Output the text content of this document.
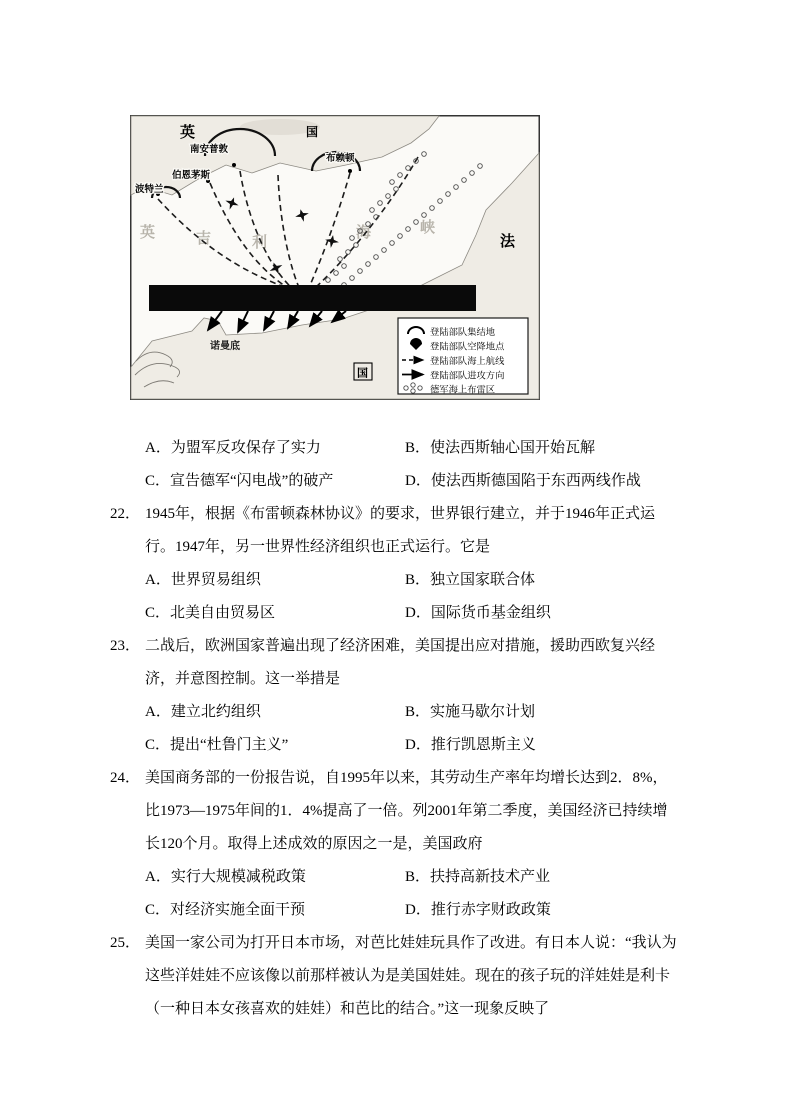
英	吉	利
海	峡
英	国
法
南安普敦
布赖顿
伯恩茅斯
波特兰
诺曼底
国
登陆部队集结地
登陆部队空降地点
登陆部队海上航线
登陆部队进攻方向
德军海上布雷区
A．为盟军反攻保存了实力	B．使法西斯轴心国开始瓦解
C．宣告德军“闪电战”的破产	D．使法西斯德国陷于东西两线作战

22． 1945年，根据《布雷顿森林协议》的要求，世界银行建立，并于1946年正式运行。1947年，另一世界性经济组织也正式运行。它是

A．世界贸易组织	B．独立国家联合体
C．北美自由贸易区	D．国际货币基金组织

23． 二战后，欧洲国家普遍出现了经济困难，美国提出应对措施，援助西欧复兴经济，并意图控制。这一举措是

A．建立北约组织	B．实施马歇尔计划
C．提出“杜鲁门主义”	D．推行凯恩斯主义

24． 美国商务部的一份报告说，自1995年以来，其劳动生产率年均增长达到2．8%，比1973—1975年间的1．4%提高了一倍。列2001年第二季度，美国经济已持续增长120个月。取得上述成效的原因之一是，美国政府

A．实行大规模减税政策	B．扶持高新技术产业
C．对经济实施全面干预	D．推行赤字财政政策

25． 美国一家公司为打开日本市场，对芭比娃娃玩具作了改进。有日本人说：“我认为这些洋娃娃不应该像以前那样被认为是美国娃娃。现在的孩子玩的洋娃娃是利卡（一种日本女孩喜欢的娃娃）和芭比的结合。”这一现象反映了
